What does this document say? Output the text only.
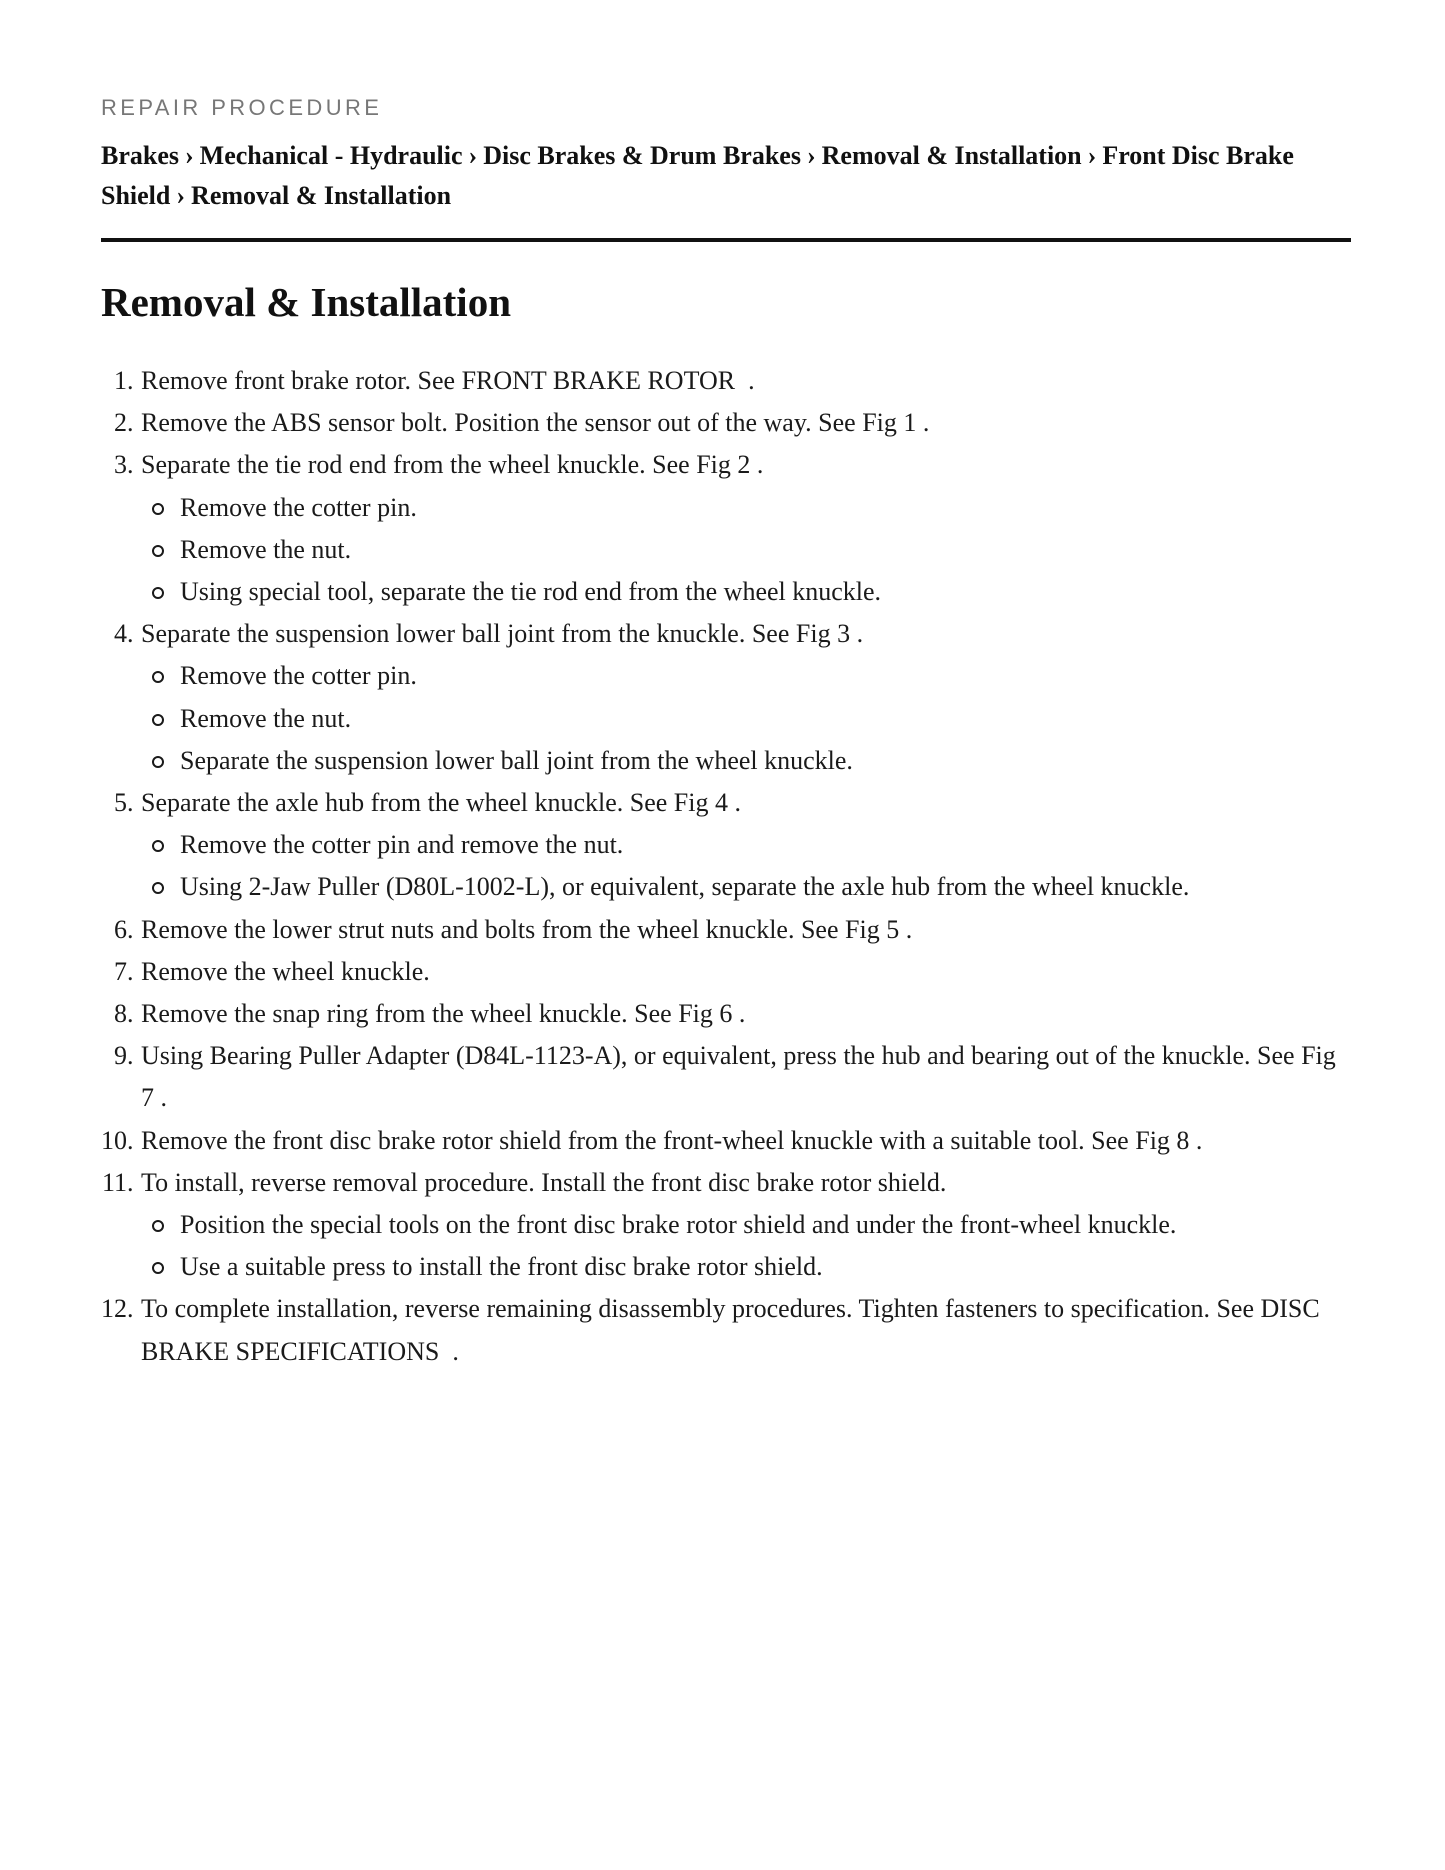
REPAIR PROCEDURE

Brakes › Mechanical - Hydraulic › Disc Brakes & Drum Brakes › Removal & Installation › Front Disc Brake Shield › Removal & Installation
Removal & Installation
1. Remove front brake rotor. See FRONT BRAKE ROTOR  .
2. Remove the ABS sensor bolt. Position the sensor out of the way. See Fig 1 .
3. Separate the tie rod end from the wheel knuckle. See Fig 2 .
Remove the cotter pin.
Remove the nut.
Using special tool, separate the tie rod end from the wheel knuckle.
4. Separate the suspension lower ball joint from the knuckle. See Fig 3 .
Remove the cotter pin.
Remove the nut.
Separate the suspension lower ball joint from the wheel knuckle.
5. Separate the axle hub from the wheel knuckle. See Fig 4 .
Remove the cotter pin and remove the nut.
Using 2-Jaw Puller (D80L-1002-L), or equivalent, separate the axle hub from the wheel knuckle.
6. Remove the lower strut nuts and bolts from the wheel knuckle. See Fig 5 .
7. Remove the wheel knuckle.
8. Remove the snap ring from the wheel knuckle. See Fig 6 .
9. Using Bearing Puller Adapter (D84L-1123-A), or equivalent, press the hub and bearing out of the knuckle. See Fig 7 .
10. Remove the front disc brake rotor shield from the front-wheel knuckle with a suitable tool. See Fig 8 .
11. To install, reverse removal procedure. Install the front disc brake rotor shield.
Position the special tools on the front disc brake rotor shield and under the front-wheel knuckle.
Use a suitable press to install the front disc brake rotor shield.
12. To complete installation, reverse remaining disassembly procedures. Tighten fasteners to specification. See DISC BRAKE SPECIFICATIONS  .
